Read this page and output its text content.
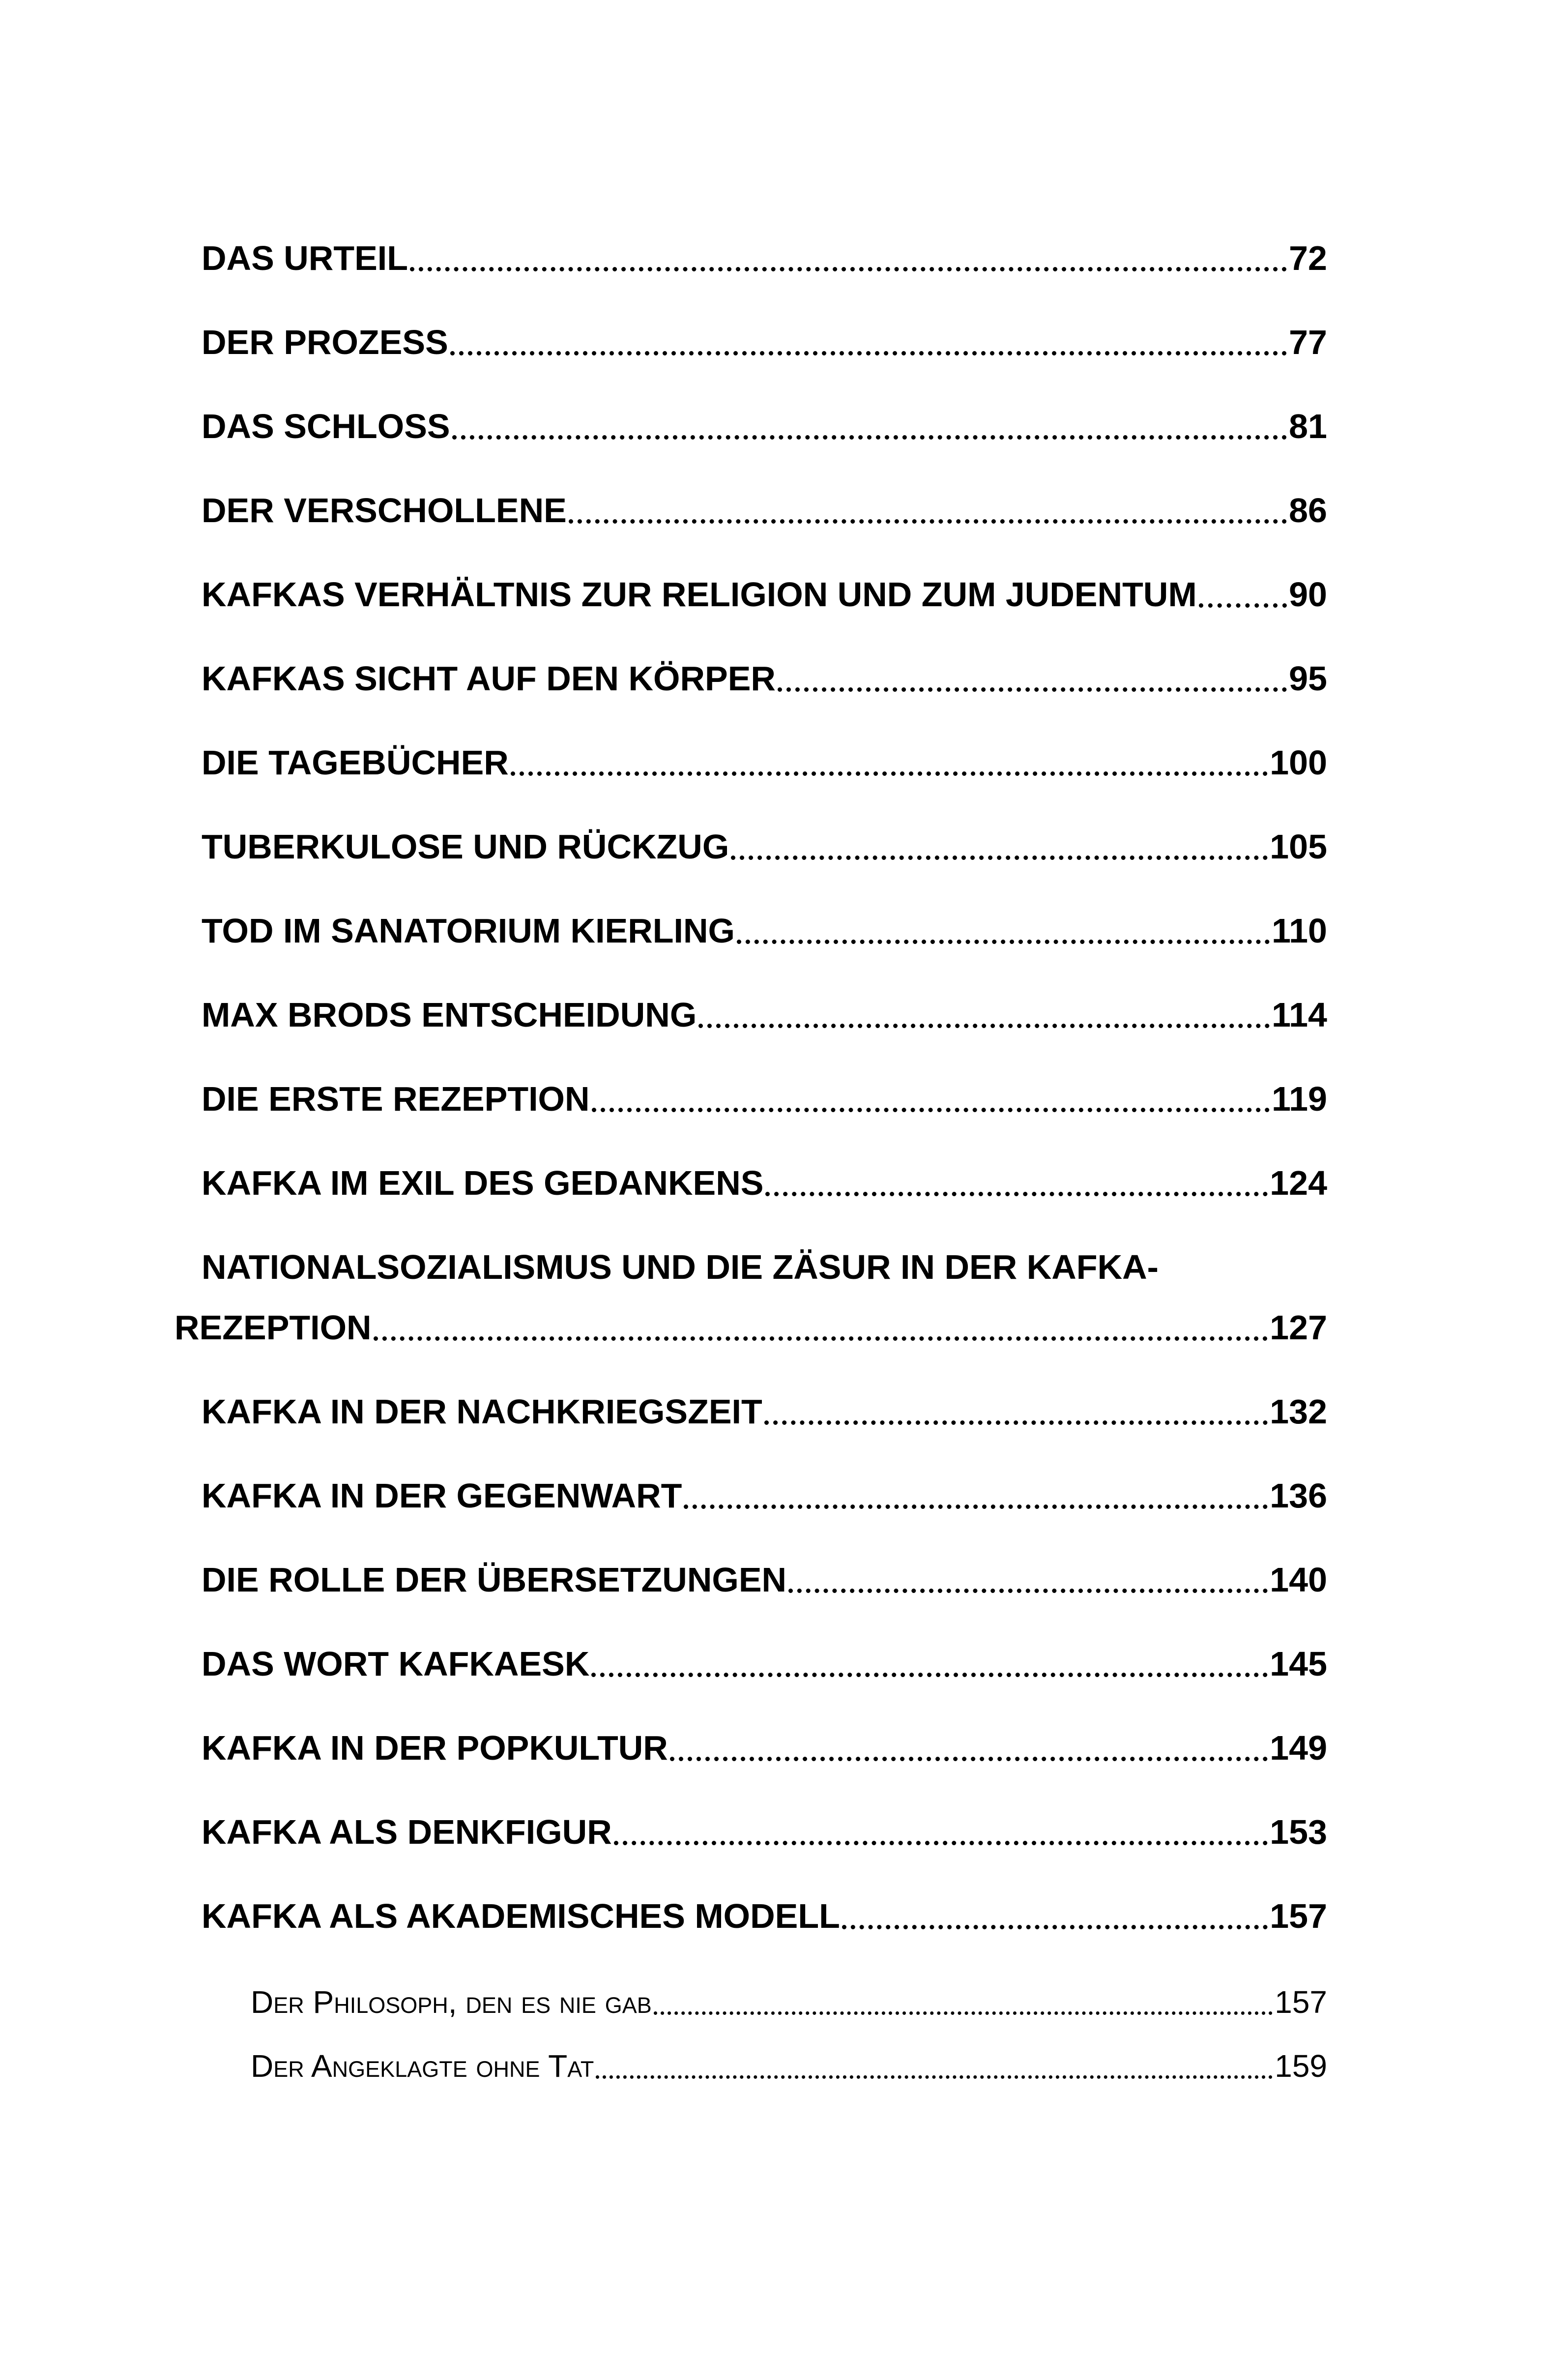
DAS URTEIL	72
DER PROZESS	77
DAS SCHLOSS	81
DER VERSCHOLLENE	86
KAFKAS VERHÄLTNIS ZUR RELIGION UND ZUM JUDENTUM	90
KAFKAS SICHT AUF DEN KÖRPER	95
DIE TAGEBÜCHER	100
TUBERKULOSE UND RÜCKZUG	105
TOD IM SANATORIUM KIERLING	110
MAX BRODS ENTSCHEIDUNG	114
DIE ERSTE REZEPTION	119
KAFKA IM EXIL DES GEDANKENS	124
NATIONALSOZIALISMUS UND DIE ZÄSUR IN DER KAFKA-
REZEPTION	127
KAFKA IN DER NACHKRIEGSZEIT	132
KAFKA IN DER GEGENWART	136
DIE ROLLE DER ÜBERSETZUNGEN	140
DAS WORT KAFKAESK	145
KAFKA IN DER POPKULTUR	149
KAFKA ALS DENKFIGUR	153
KAFKA ALS AKADEMISCHES MODELL	157
Der Philosoph, den es nie gab	157
Der Angeklagte ohne Tat	159
